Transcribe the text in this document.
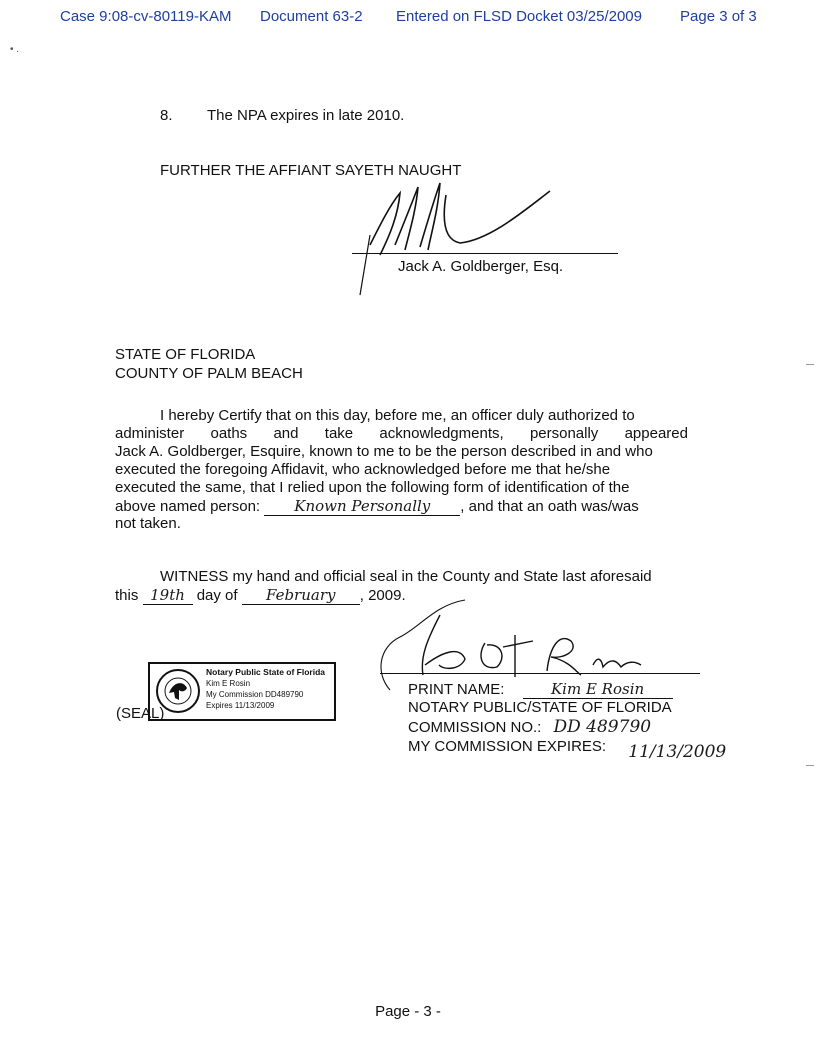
Case 9:08-cv-80119-KAM Document 63-2 Entered on FLSD Docket 03/25/2009	Page 3 of 3
• .
8. The NPA expires in late 2010.
FURTHER THE AFFIANT SAYETH NAUGHT
Jack A. Goldberger, Esq.
STATE OF FLORIDA
COUNTY OF PALM BEACH
I hereby Certify that on this day, before me, an officer duly authorized to
administer oaths and take acknowledgments, personally appeared
Jack A. Goldberger, Esquire, known to me to be the person described in and who
executed the foregoing Affidavit, who acknowledged before me that he/she
executed the same, that I relied upon the following form of identification of the
above named person: Known Personally , and that an oath was/was
not taken.
WITNESS my hand and official seal in the County and State last aforesaid
this 19th day of February , 2009.
Notary Public State of Florida
Kim E Rosin
My Commission DD489790
Expires 11/13/2009
(SEAL)
PRINT NAME:	Kim E Rosin
NOTARY PUBLIC/STATE OF FLORIDA
COMMISSION NO.: DD 489790
MY COMMISSION EXPIRES: 11/13/2009
Page - 3 -
